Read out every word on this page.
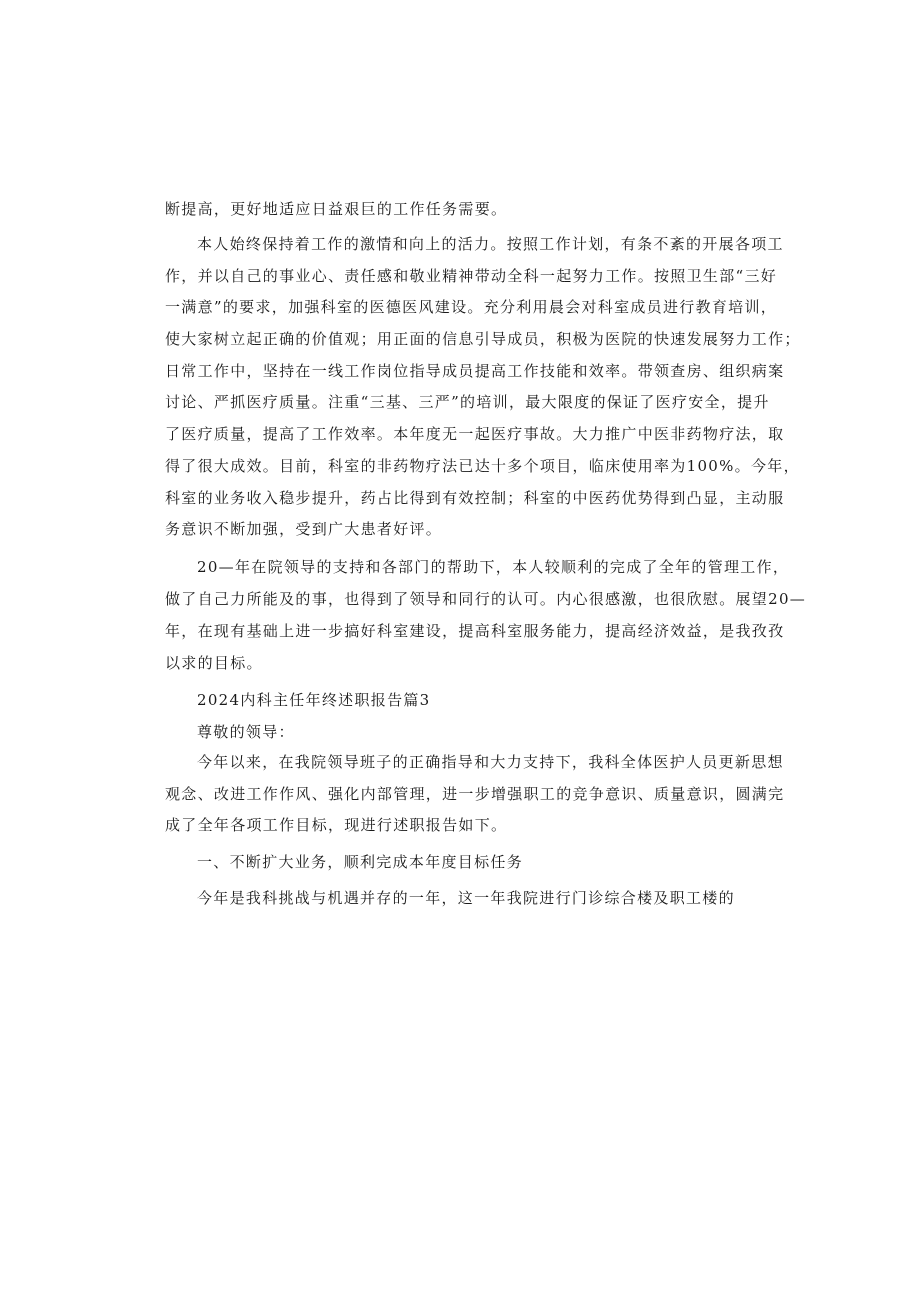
断提高，更好地适应日益艰巨的工作任务需要。
本人始终保持着工作的激情和向上的活力。按照工作计划，有条不紊的开展各项工
作，并以自己的事业心、责任感和敬业精神带动全科一起努力工作。按照卫生部“三好
一满意”的要求，加强科室的医德医风建设。充分利用晨会对科室成员进行教育培训，
使大家树立起正确的价值观；用正面的信息引导成员，积极为医院的快速发展努力工作；
日常工作中，坚持在一线工作岗位指导成员提高工作技能和效率。带领查房、组织病案
讨论、严抓医疗质量。注重“三基、三严”的培训，最大限度的保证了医疗安全，提升
了医疗质量，提高了工作效率。本年度无一起医疗事故。大力推广中医非药物疗法，取
得了很大成效。目前，科室的非药物疗法已达十多个项目，临床使用率为100%。今年，
科室的业务收入稳步提升，药占比得到有效控制；科室的中医药优势得到凸显，主动服
务意识不断加强，受到广大患者好评。
20—年在院领导的支持和各部门的帮助下，本人较顺利的完成了全年的管理工作，
做了自己力所能及的事，也得到了领导和同行的认可。内心很感激，也很欣慰。展望20—
年，在现有基础上进一步搞好科室建设，提高科室服务能力，提高经济效益，是我孜孜
以求的目标。
2024内科主任年终述职报告篇3
尊敬的领导：
今年以来，在我院领导班子的正确指导和大力支持下，我科全体医护人员更新思想
观念、改进工作作风、强化内部管理，进一步增强职工的竞争意识、质量意识，圆满完
成了全年各项工作目标，现进行述职报告如下。
一、不断扩大业务，顺利完成本年度目标任务
今年是我科挑战与机遇并存的一年，这一年我院进行门诊综合楼及职工楼的
